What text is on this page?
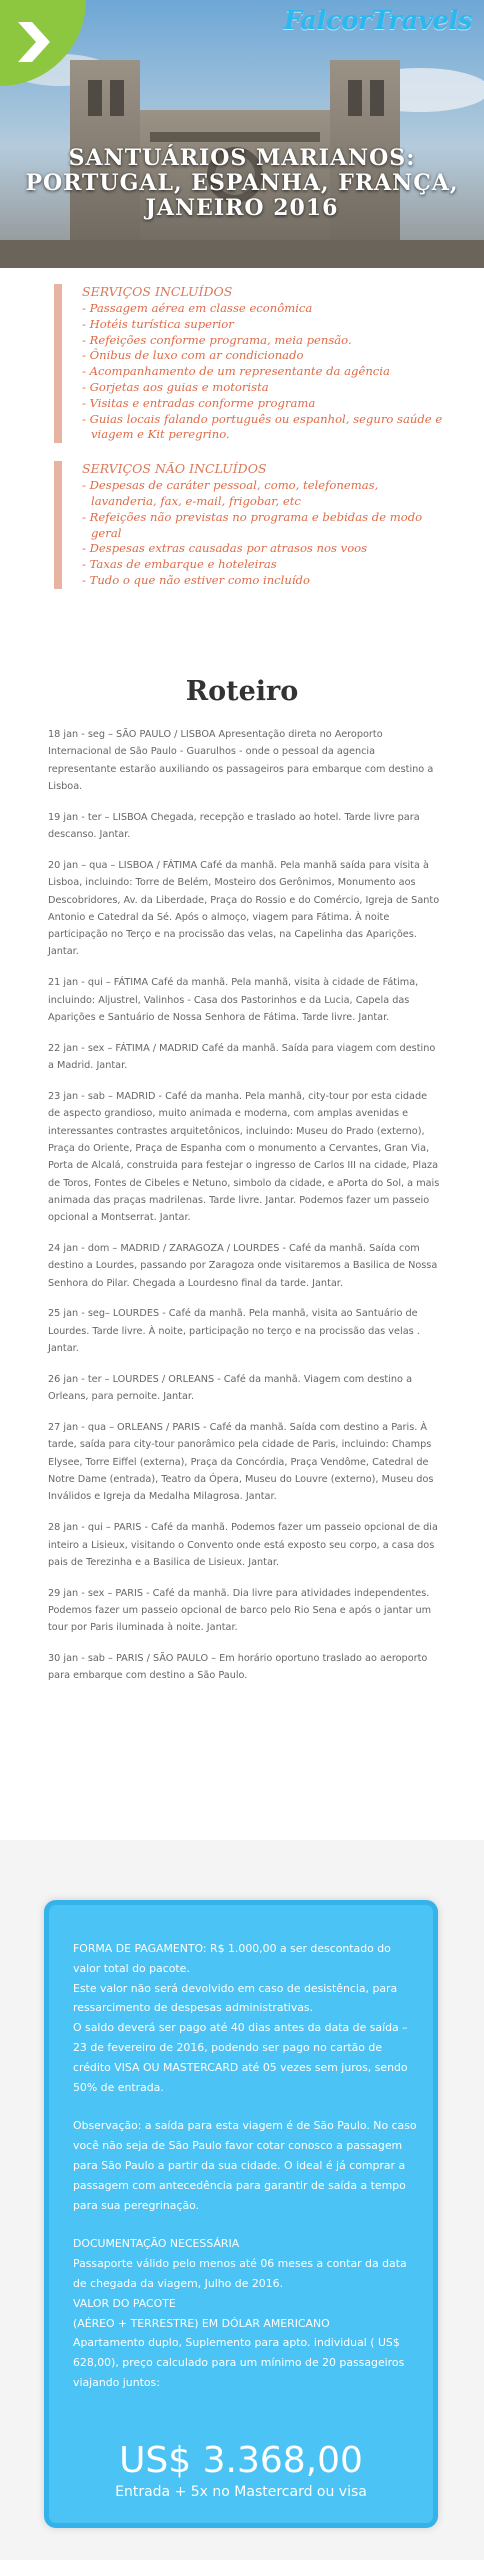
FalcorTravels
SANTUÁRIOS MARIANOS:
PORTUGAL, ESPANHA, FRANÇA,
JANEIRO 2016
SERVIÇOS INCLUÍDOS
- Passagem aérea em classe econômica
- Hotéis turística superior
- Refeições conforme programa, meia pensão.
- Ônibus de luxo com ar condicionado
- Acompanhamento de um representante da agência
- Gorjetas aos guias e motorista
- Visitas e entradas conforme programa
- Guias locais falando português ou espanhol, seguro saúde e viagem e Kit peregrino.
SERVIÇOS NÃO INCLUÍDOS
- Despesas de caráter pessoal, como, telefonemas, lavanderia, fax, e-mail, frigobar, etc
- Refeições não previstas no programa e bebidas de modo geral
- Despesas extras causadas por atrasos nos voos
- Taxas de embarque e hoteleiras
- Tudo o que não estiver como incluído
Roteiro

18 jan - seg – SÃO PAULO / LISBOA Apresentação direta no Aeroporto Internacional de São Paulo - Guarulhos - onde o pessoal da agencia representante estarão auxiliando os passageiros para embarque com destino a Lisboa.

19 jan - ter – LISBOA Chegada, recepção e traslado ao hotel. Tarde livre para descanso. Jantar.

20 jan – qua – LISBOA / FÁTIMA Café da manhã. Pela manhã saída para visita à Lisboa, incluindo: Torre de Belém, Mosteiro dos Gerônimos, Monumento aos Descobridores, Av. da Liberdade, Praça do Rossio e do Comércio, Igreja de Santo Antonio e Catedral da Sé. Após o almoço, viagem para Fátima. À noite participação no Terço e na procissão das velas, na Capelinha das Aparições. Jantar.

21 jan - qui – FÁTIMA Café da manhã. Pela manhã, visita à cidade de Fátima, incluindo: Aljustrel, Valinhos - Casa dos Pastorinhos e da Lucia, Capela das Aparições e Santuário de Nossa Senhora de Fátima. Tarde livre. Jantar.

22 jan - sex – FÁTIMA / MADRID Café da manhã. Saída para viagem com destino a Madrid. Jantar.

23 jan - sab – MADRID - Café da manha. Pela manhã, city-tour por esta cidade de aspecto grandioso, muito animada e moderna, com amplas avenidas e interessantes contrastes arquitetônicos, incluindo: Museu do Prado (externo), Praça do Oriente, Praça de Espanha com o monumento a Cervantes, Gran Via, Porta de Alcalá, construida para festejar o ingresso de Carlos III na cidade, Plaza de Toros, Fontes de Cibeles e Netuno, simbolo da cidade, e aPorta do Sol, a mais animada das praças madrilenas. Tarde livre. Jantar. Podemos fazer um passeio opcional a Montserrat. Jantar.

24 jan - dom – MADRID / ZARAGOZA / LOURDES - Café da manhã. Saída com destino a Lourdes, passando por Zaragoza onde visitaremos a Basilica de Nossa Senhora do Pilar. Chegada a Lourdesno final da tarde. Jantar.

25 jan - seg– LOURDES - Café da manhã. Pela manhã, visita ao Santuário de Lourdes. Tarde livre. À noite, participação no terço e na procissão das velas . Jantar.

26 jan - ter – LOURDES / ORLEANS - Café da manhã. Viagem com destino a Orleans, para pernoite. Jantar.

27 jan - qua – ORLEANS / PARIS - Café da manhã. Saída com destino a Paris. À tarde, saída para city-tour panorâmico pela cidade de Paris, incluindo: Champs Elysee, Torre Eiffel (externa), Praça da Concórdia, Praça Vendôme, Catedral de Notre Dame (entrada), Teatro da Ópera, Museu do Louvre (externo), Museu dos Inválidos e Igreja da Medalha Milagrosa. Jantar.

28 jan - qui – PARIS - Café da manhã. Podemos fazer um passeio opcional de dia inteiro a Lisieux, visitando o Convento onde está exposto seu corpo, a casa dos pais de Terezinha e a Basilica de Lisieux. Jantar.

29 jan - sex – PARIS - Café da manhã. Dia livre para atividades independentes. Podemos fazer um passeio opcional de barco pelo Rio Sena e após o jantar um tour por Paris iluminada à noite. Jantar.

30 jan - sab – PARIS / SÃO PAULO – Em horário oportuno traslado ao aeroporto para embarque com destino a São Paulo.

FORMA DE PAGAMENTO: R$ 1.000,00 a ser descontado do valor total do pacote.

Este valor não será devolvido em caso de desistência, para ressarcimento de despesas administrativas.

O saldo deverá ser pago até 40 dias antes da data de saída – 23 de fevereiro de 2016, podendo ser pago no cartão de crédito VISA OU MASTERCARD até 05 vezes sem juros, sendo 50% de entrada.

Observação: a saída para esta viagem é de São Paulo. No caso você não seja de São Paulo favor cotar conosco a passagem para São Paulo a partir da sua cidade. O ideal é já comprar a passagem com antecedência para garantir de saída a tempo para sua peregrinação.

DOCUMENTAÇÃO NECESSÁRIA

Passaporte válido pelo menos até 06 meses a contar da data de chegada da viagem, Julho de 2016.

VALOR DO PACOTE

(AÉREO + TERRESTRE) EM DÓLAR AMERICANO

Apartamento duplo, Suplemento para apto. individual ( US$ 628,00), preço calculado para um mínimo de 20 passageiros viajando juntos:

US$ 3.368,00
Entrada + 5x no Mastercard ou visa
